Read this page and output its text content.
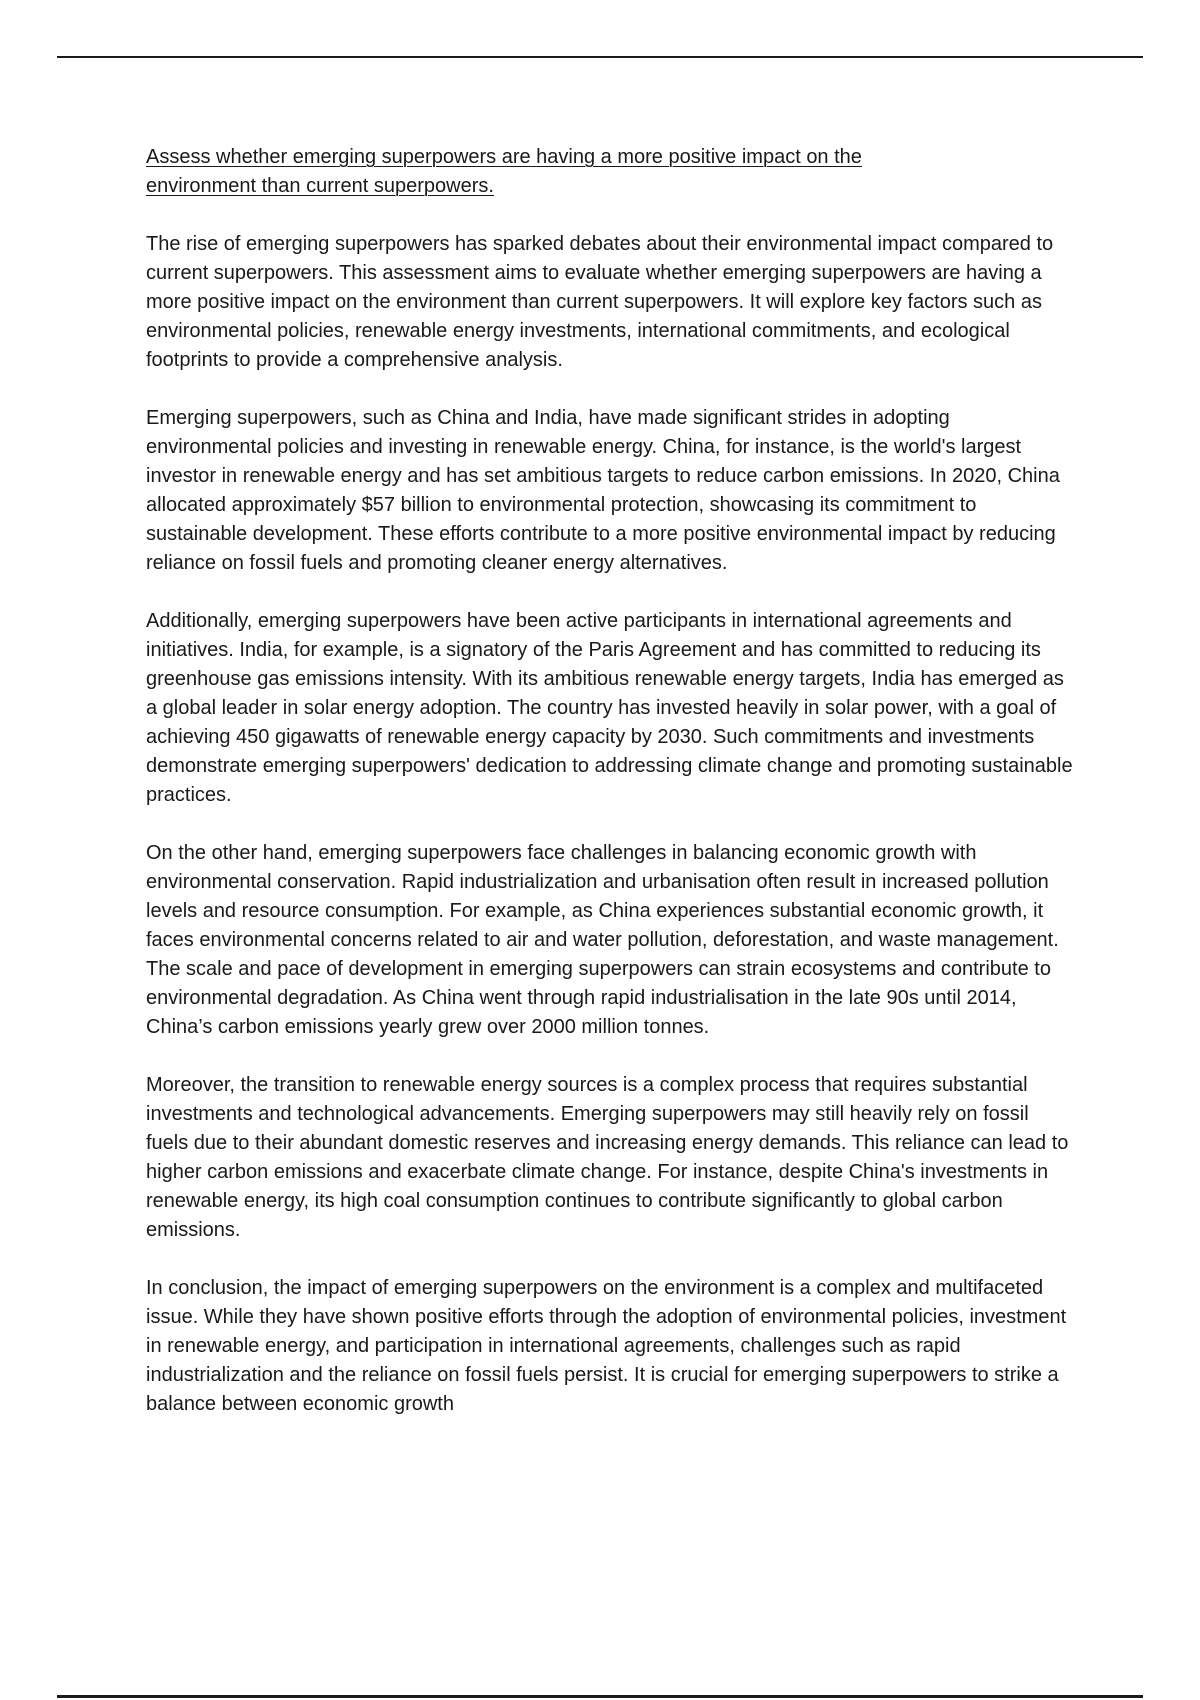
Assess whether emerging superpowers are having a more positive impact on the environment than current superpowers.

The rise of emerging superpowers has sparked debates about their environmental impact compared to current superpowers. This assessment aims to evaluate whether emerging superpowers are having a more positive impact on the environment than current superpowers. It will explore key factors such as environmental policies, renewable energy investments, international commitments, and ecological footprints to provide a comprehensive analysis.

Emerging superpowers, such as China and India, have made significant strides in adopting environmental policies and investing in renewable energy. China, for instance, is the world's largest investor in renewable energy and has set ambitious targets to reduce carbon emissions. In 2020, China allocated approximately $57 billion to environmental protection, showcasing its commitment to sustainable development. These efforts contribute to a more positive environmental impact by reducing reliance on fossil fuels and promoting cleaner energy alternatives.

Additionally, emerging superpowers have been active participants in international agreements and initiatives. India, for example, is a signatory of the Paris Agreement and has committed to reducing its greenhouse gas emissions intensity. With its ambitious renewable energy targets, India has emerged as a global leader in solar energy adoption. The country has invested heavily in solar power, with a goal of achieving 450 gigawatts of renewable energy capacity by 2030. Such commitments and investments demonstrate emerging superpowers' dedication to addressing climate change and promoting sustainable practices.

On the other hand, emerging superpowers face challenges in balancing economic growth with environmental conservation. Rapid industrialization and urbanisation often result in increased pollution levels and resource consumption. For example, as China experiences substantial economic growth, it faces environmental concerns related to air and water pollution, deforestation, and waste management. The scale and pace of development in emerging superpowers can strain ecosystems and contribute to environmental degradation. As China went through rapid industrialisation in the late 90s until 2014, China’s carbon emissions yearly grew over 2000 million tonnes.

Moreover, the transition to renewable energy sources is a complex process that requires substantial investments and technological advancements. Emerging superpowers may still heavily rely on fossil fuels due to their abundant domestic reserves and increasing energy demands. This reliance can lead to higher carbon emissions and exacerbate climate change. For instance, despite China's investments in renewable energy, its high coal consumption continues to contribute significantly to global carbon emissions.

In conclusion, the impact of emerging superpowers on the environment is a complex and multifaceted issue. While they have shown positive efforts through the adoption of environmental policies, investment in renewable energy, and participation in international agreements, challenges such as rapid industrialization and the reliance on fossil fuels persist. It is crucial for emerging superpowers to strike a balance between economic growth
